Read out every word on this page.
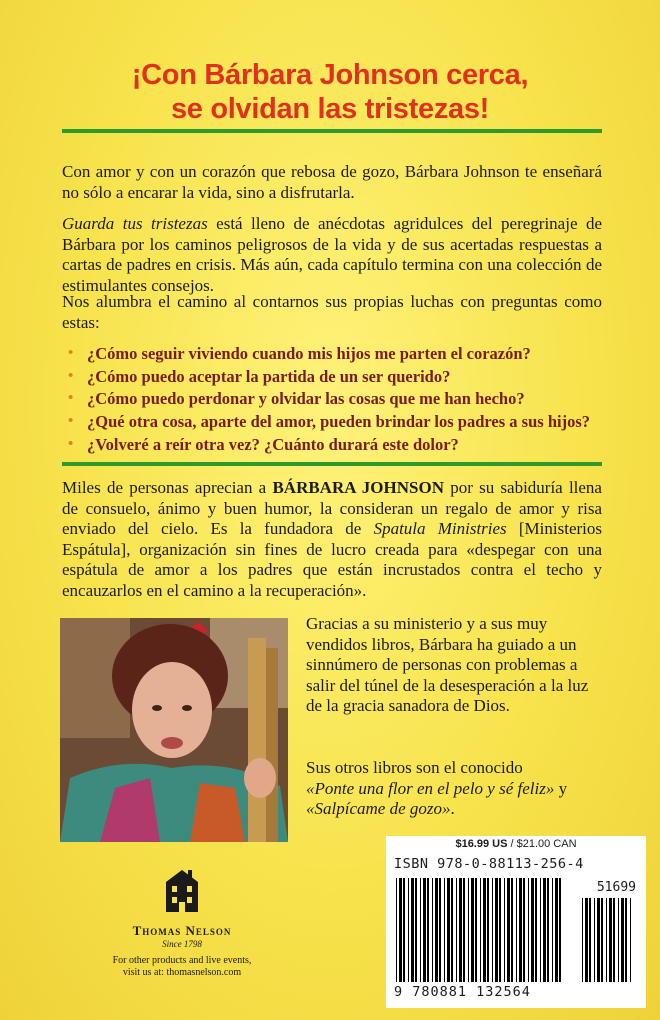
¡Con Bárbara Johnson cerca,
se olvidan las tristezas!
Con amor y con un corazón que rebosa de gozo, Bárbara Johnson te enseñará no sólo a encarar la vida, sino a disfrutarla.
Guarda tus tristezas está lleno de anécdotas agridulces del peregrinaje de Bárbara por los caminos peligrosos de la vida y de sus acertadas respuestas a cartas de padres en crisis. Más aún, cada capítulo termina con una colección de estimulantes consejos.
Nos alumbra el camino al contarnos sus propias luchas con preguntas como estas:
• ¿Cómo seguir viviendo cuando mis hijos me parten el corazón?
• ¿Cómo puedo aceptar la partida de un ser querido?
• ¿Cómo puedo perdonar y olvidar las cosas que me han hecho?
• ¿Qué otra cosa, aparte del amor, pueden brindar los padres a sus hijos?
• ¿Volveré a reír otra vez? ¿Cuánto durará este dolor?
Miles de personas aprecian a BÁRBARA JOHNSON por su sabiduría llena de consuelo, ánimo y buen humor, la consideran un regalo de amor y risa enviado del cielo. Es la fundadora de Spatula Ministries [Ministerios Espátula], organización sin fines de lucro creada para «despegar con una espátula de amor a los padres que están incrustados contra el techo y encauzarlos en el camino a la recuperación».
Gracias a su ministerio y a sus muy vendidos libros, Bárbara ha guiado a un sinnúmero de personas con problemas a salir del túnel de la desesperación a la luz de la gracia sanadora de Dios.
Sus otros libros son el conocido
«Ponte una flor en el pelo y sé feliz» y
«Salpícame de gozo».
Thomas Nelson
Since 1798
For other products and live events,
visit us at: thomasnelson.com
$16.99 US / $21.00 CAN
ISBN 978-0-88113-256-4
51699
9 780881 132564
